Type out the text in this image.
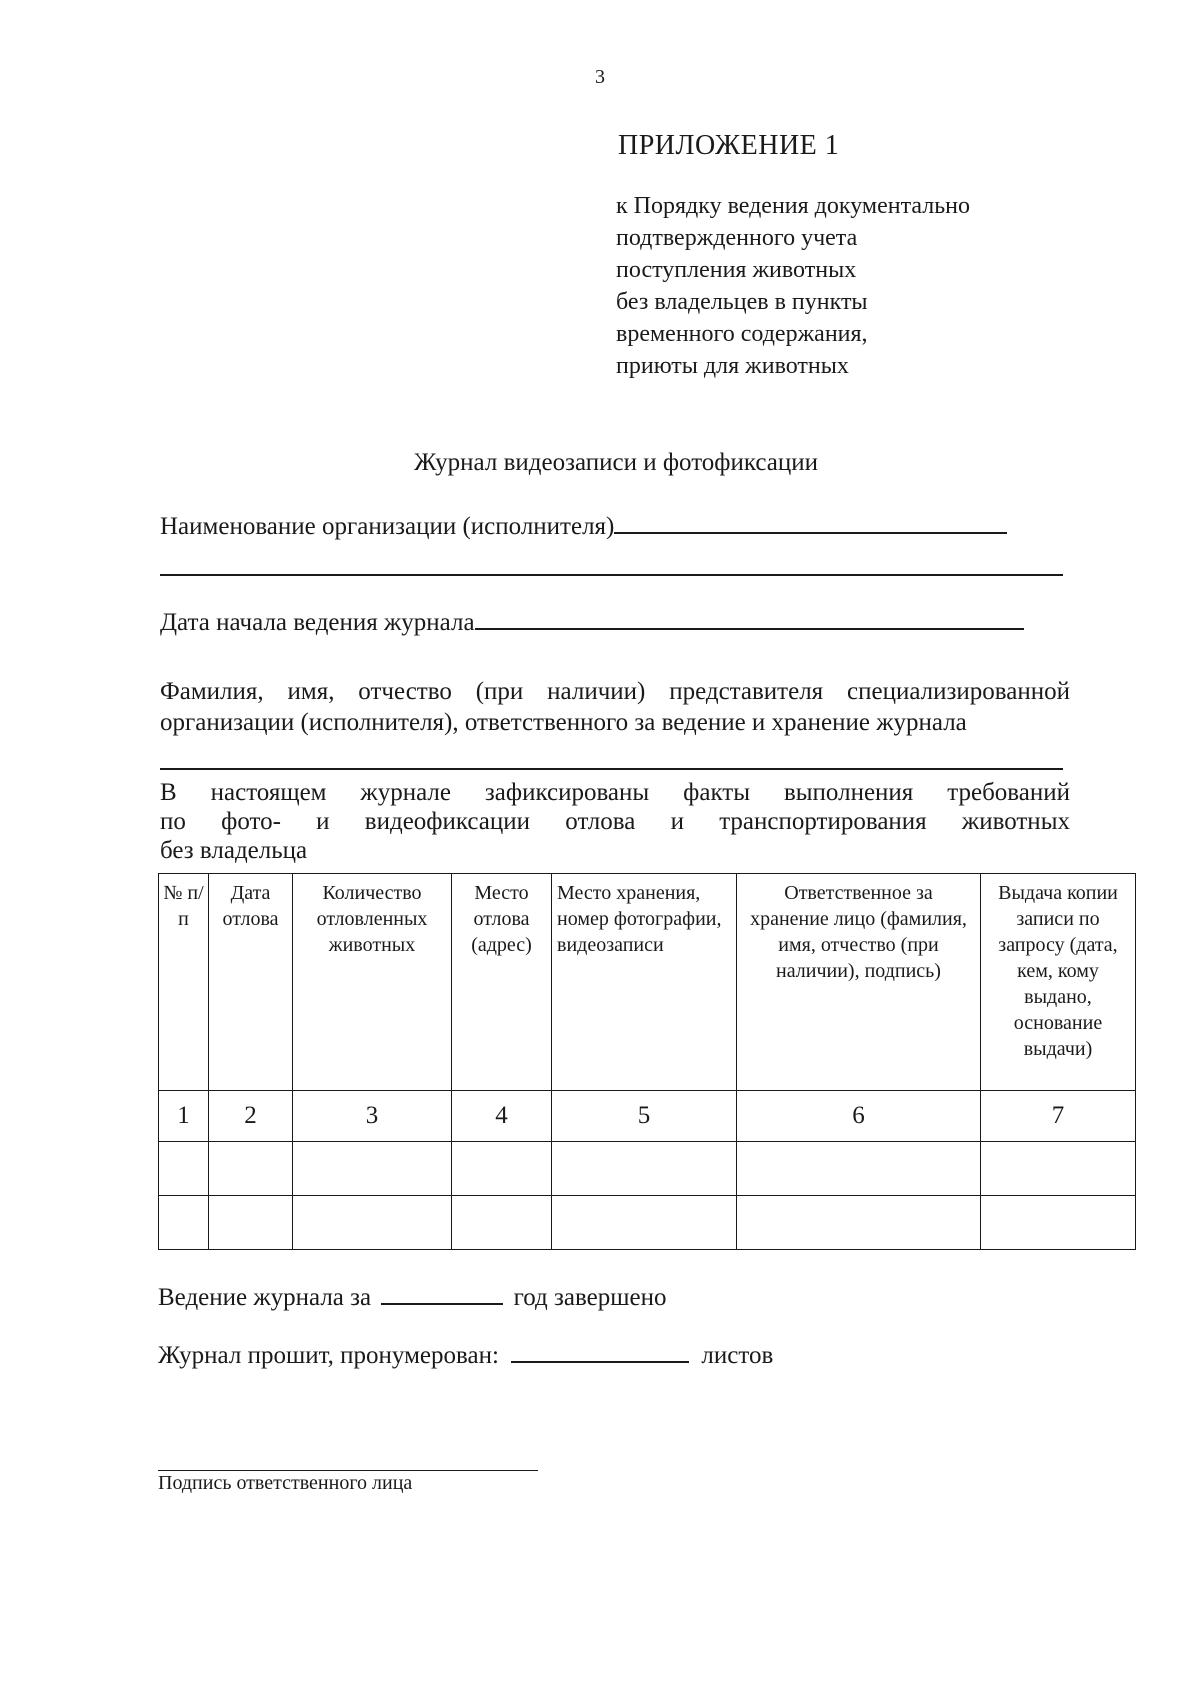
3
ПРИЛОЖЕНИЕ 1
к Порядку ведения документально
подтвержденного учета
поступления животных
без владельцев в пункты
временного содержания,
приюты для животных
Журнал видеозаписи и фотофиксации
Наименование организации (исполнителя)
Дата начала ведения журнала
Фамилия, имя, отчество (при наличии) представителя специализированной
организации (исполнителя), ответственного за ведение и хранение журнала
В настоящем журнале зафиксированы факты выполнения требований
по фото- и видеофиксации отлова и транспортирования животных
без владельца
№ п/п	Дата отлова	Количество отловленных животных	Место отлова (адрес)	Место хранения, номер фотографии, видеозаписи	Ответственное за хранение лицо (фамилия, имя, отчество (при наличии), подпись)	Выдача копии записи по запросу (дата, кем, кому выдано, основание выдачи)
1	2	3	4	5	6	7

Ведение журнала за	год завершено
Журнал прошит, пронумерован:	листов
Подпись ответственного лица
